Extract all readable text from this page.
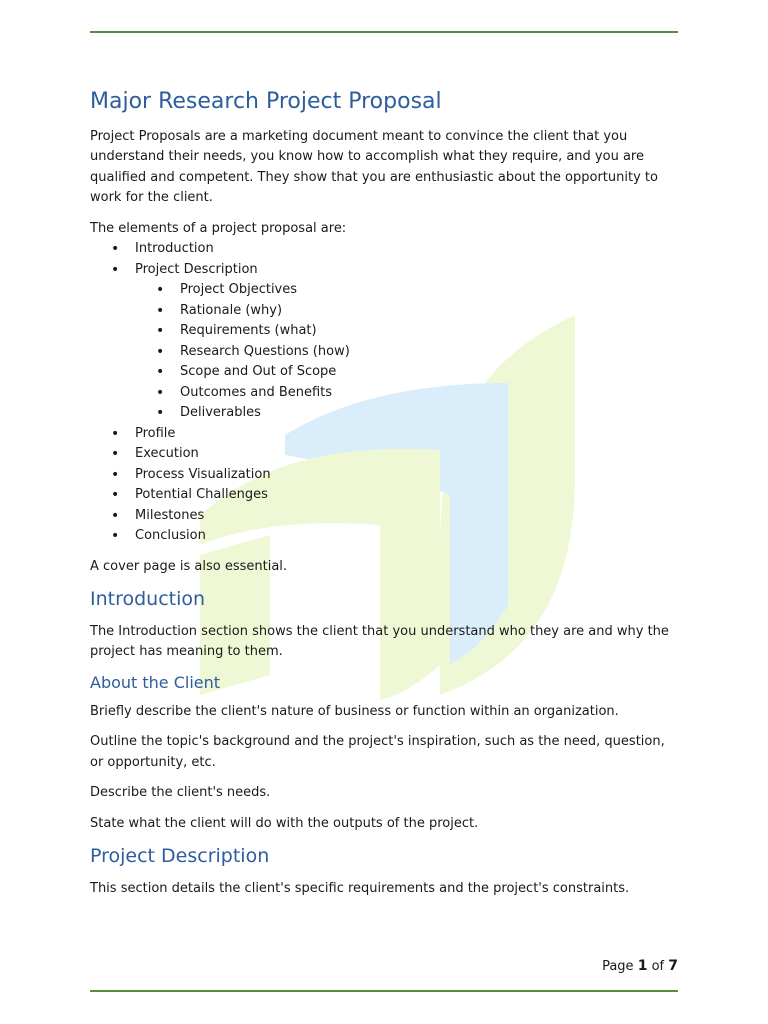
Major Research Project Proposal

Project Proposals are a marketing document meant to convince the client that you understand their needs, you know how to accomplish what they require, and you are qualified and competent. They show that you are enthusiastic about the opportunity to work for the client.

The elements of a project proposal are:

• Introduction
• Project Description
• Project Objectives
• Rationale (why)
• Requirements (what)
• Research Questions (how)
• Scope and Out of Scope
• Outcomes and Benefits
• Deliverables
• Profile
• Execution
• Process Visualization
• Potential Challenges
• Milestones
• Conclusion

A cover page is also essential.

Introduction

The Introduction section shows the client that you understand who they are and why the project has meaning to them.

About the Client

Briefly describe the client's nature of business or function within an organization.

Outline the topic's background and the project's inspiration, such as the need, question, or opportunity, etc.

Describe the client's needs.

State what the client will do with the outputs of the project.

Project Description

This section details the client's specific requirements and the project's constraints.

Page 1 of 7
